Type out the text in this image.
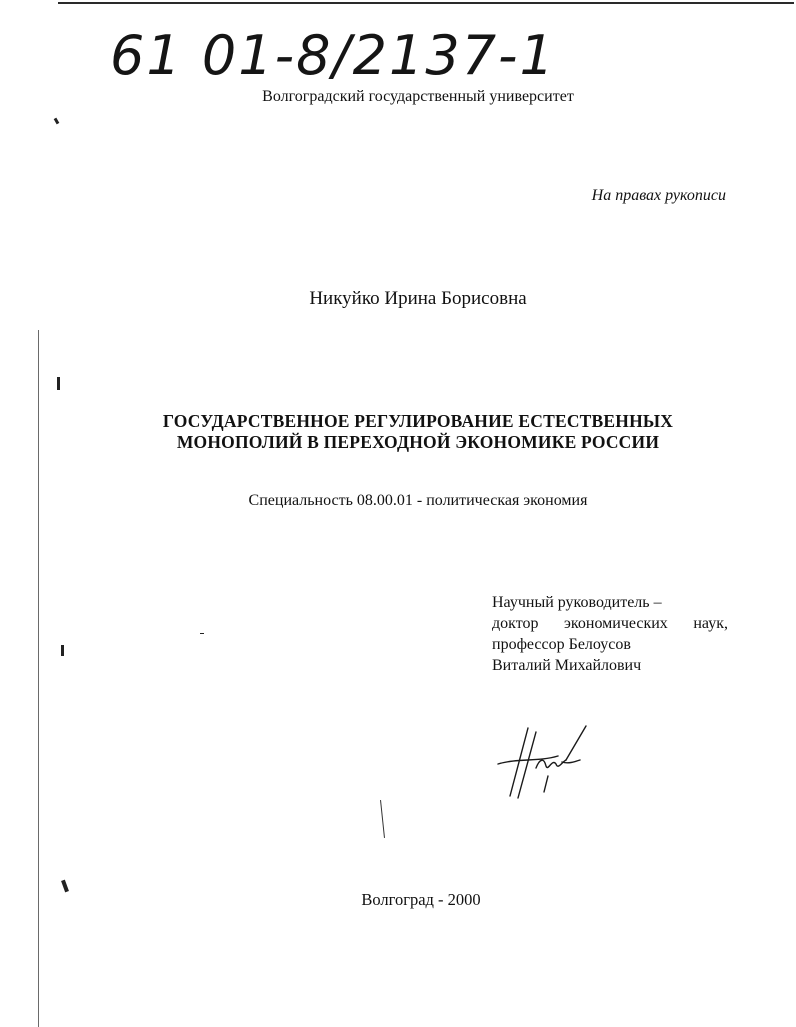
61 01-8/2137-1
Волгоградский государственный университет
На правах рукописи
Никуйко Ирина Борисовна
ГОСУДАРСТВЕННОЕ РЕГУЛИРОВАНИЕ ЕСТЕСТВЕННЫХ
МОНОПОЛИЙ В ПЕРЕХОДНОЙ ЭКОНОМИКЕ РОССИИ
Специальность 08.00.01 - политическая экономия
Научный руководитель –
доктор экономических наук,
профессор Белоусов
Виталий Михайлович
Волгоград - 2000
